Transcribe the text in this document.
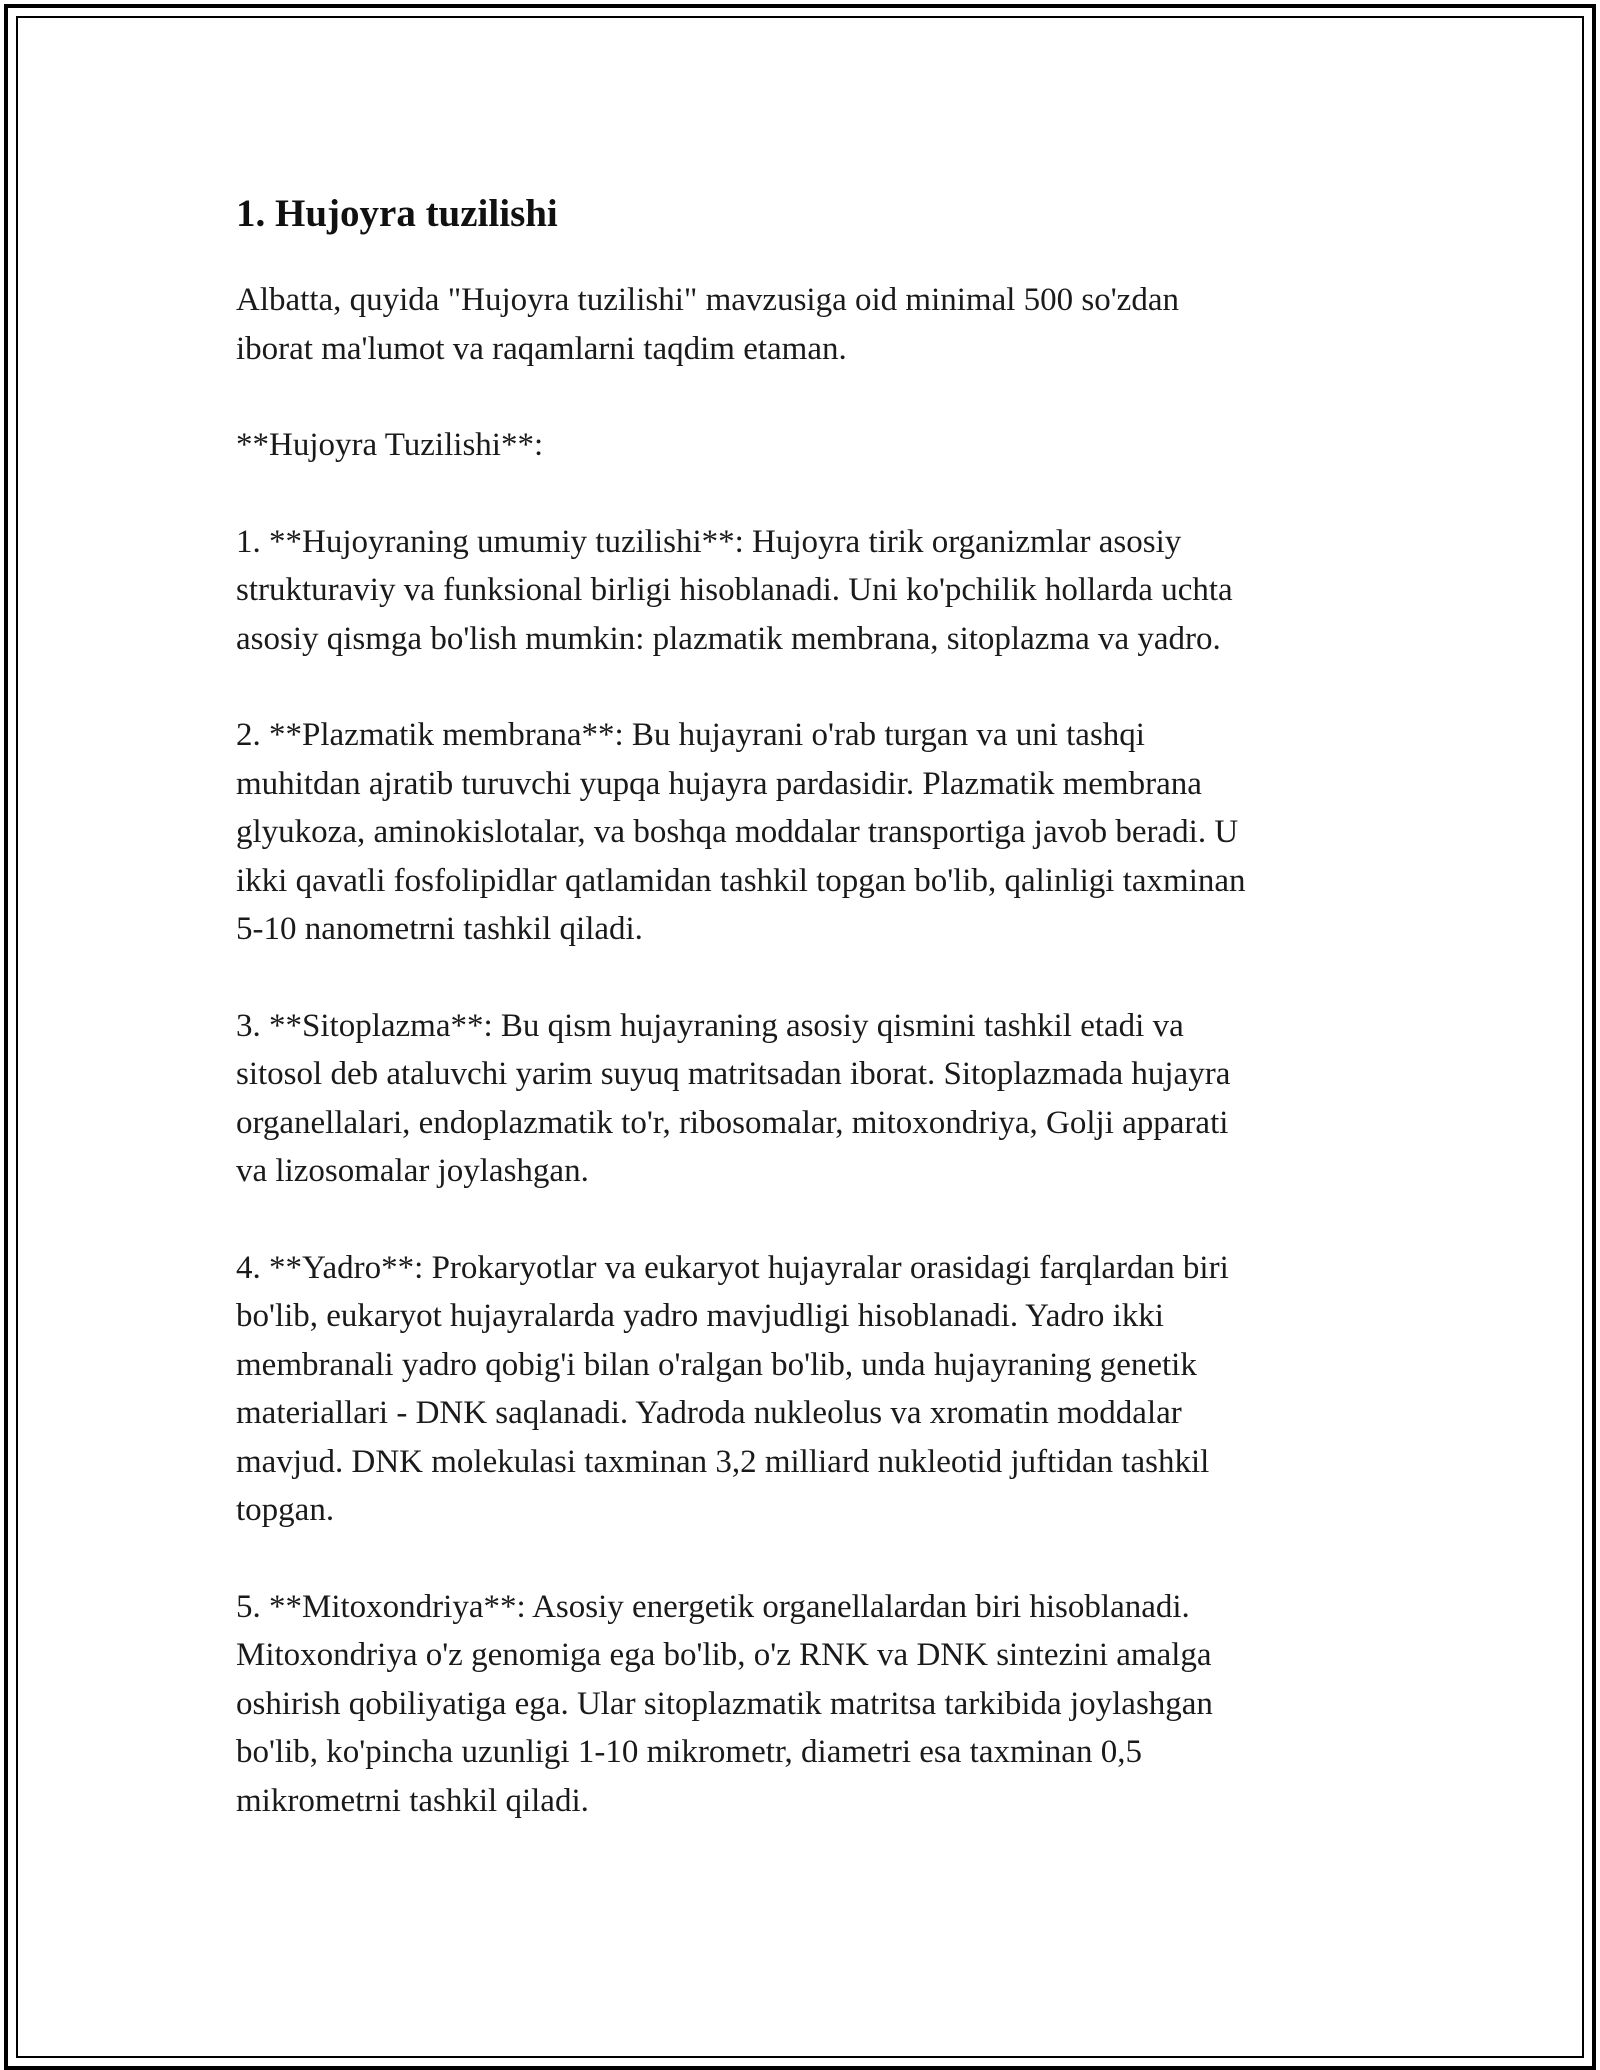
1. Hujoyra tuzilishi

Albatta, quyida "Hujoyra tuzilishi" mavzusiga oid minimal 500 so'zdan
iborat ma'lumot va raqamlarni taqdim etaman.

**Hujoyra Tuzilishi**:

1. **Hujoyraning umumiy tuzilishi**: Hujoyra tirik organizmlar asosiy
strukturaviy va funksional birligi hisoblanadi. Uni ko'pchilik hollarda uchta
asosiy qismga bo'lish mumkin: plazmatik membrana, sitoplazma va yadro.

2. **Plazmatik membrana**: Bu hujayrani o'rab turgan va uni tashqi
muhitdan ajratib turuvchi yupqa hujayra pardasidir. Plazmatik membrana
glyukoza, aminokislotalar, va boshqa moddalar transportiga javob beradi. U
ikki qavatli fosfolipidlar qatlamidan tashkil topgan bo'lib, qalinligi taxminan
5-10 nanometrni tashkil qiladi.

3. **Sitoplazma**: Bu qism hujayraning asosiy qismini tashkil etadi va
sitosol deb ataluvchi yarim suyuq matritsadan iborat. Sitoplazmada hujayra
organellalari, endoplazmatik to'r, ribosomalar, mitoxondriya, Golji apparati
va lizosomalar joylashgan.

4. **Yadro**: Prokaryotlar va eukaryot hujayralar orasidagi farqlardan biri
bo'lib, eukaryot hujayralarda yadro mavjudligi hisoblanadi. Yadro ikki
membranali yadro qobig'i bilan o'ralgan bo'lib, unda hujayraning genetik
materiallari - DNK saqlanadi. Yadroda nukleolus va xromatin moddalar
mavjud. DNK molekulasi taxminan 3,2 milliard nukleotid juftidan tashkil
topgan.

5. **Mitoxondriya**: Asosiy energetik organellalardan biri hisoblanadi.
Mitoxondriya o'z genomiga ega bo'lib, o'z RNK va DNK sintezini amalga
oshirish qobiliyatiga ega. Ular sitoplazmatik matritsa tarkibida joylashgan
bo'lib, ko'pincha uzunligi 1-10 mikrometr, diametri esa taxminan 0,5
mikrometrni tashkil qiladi.
